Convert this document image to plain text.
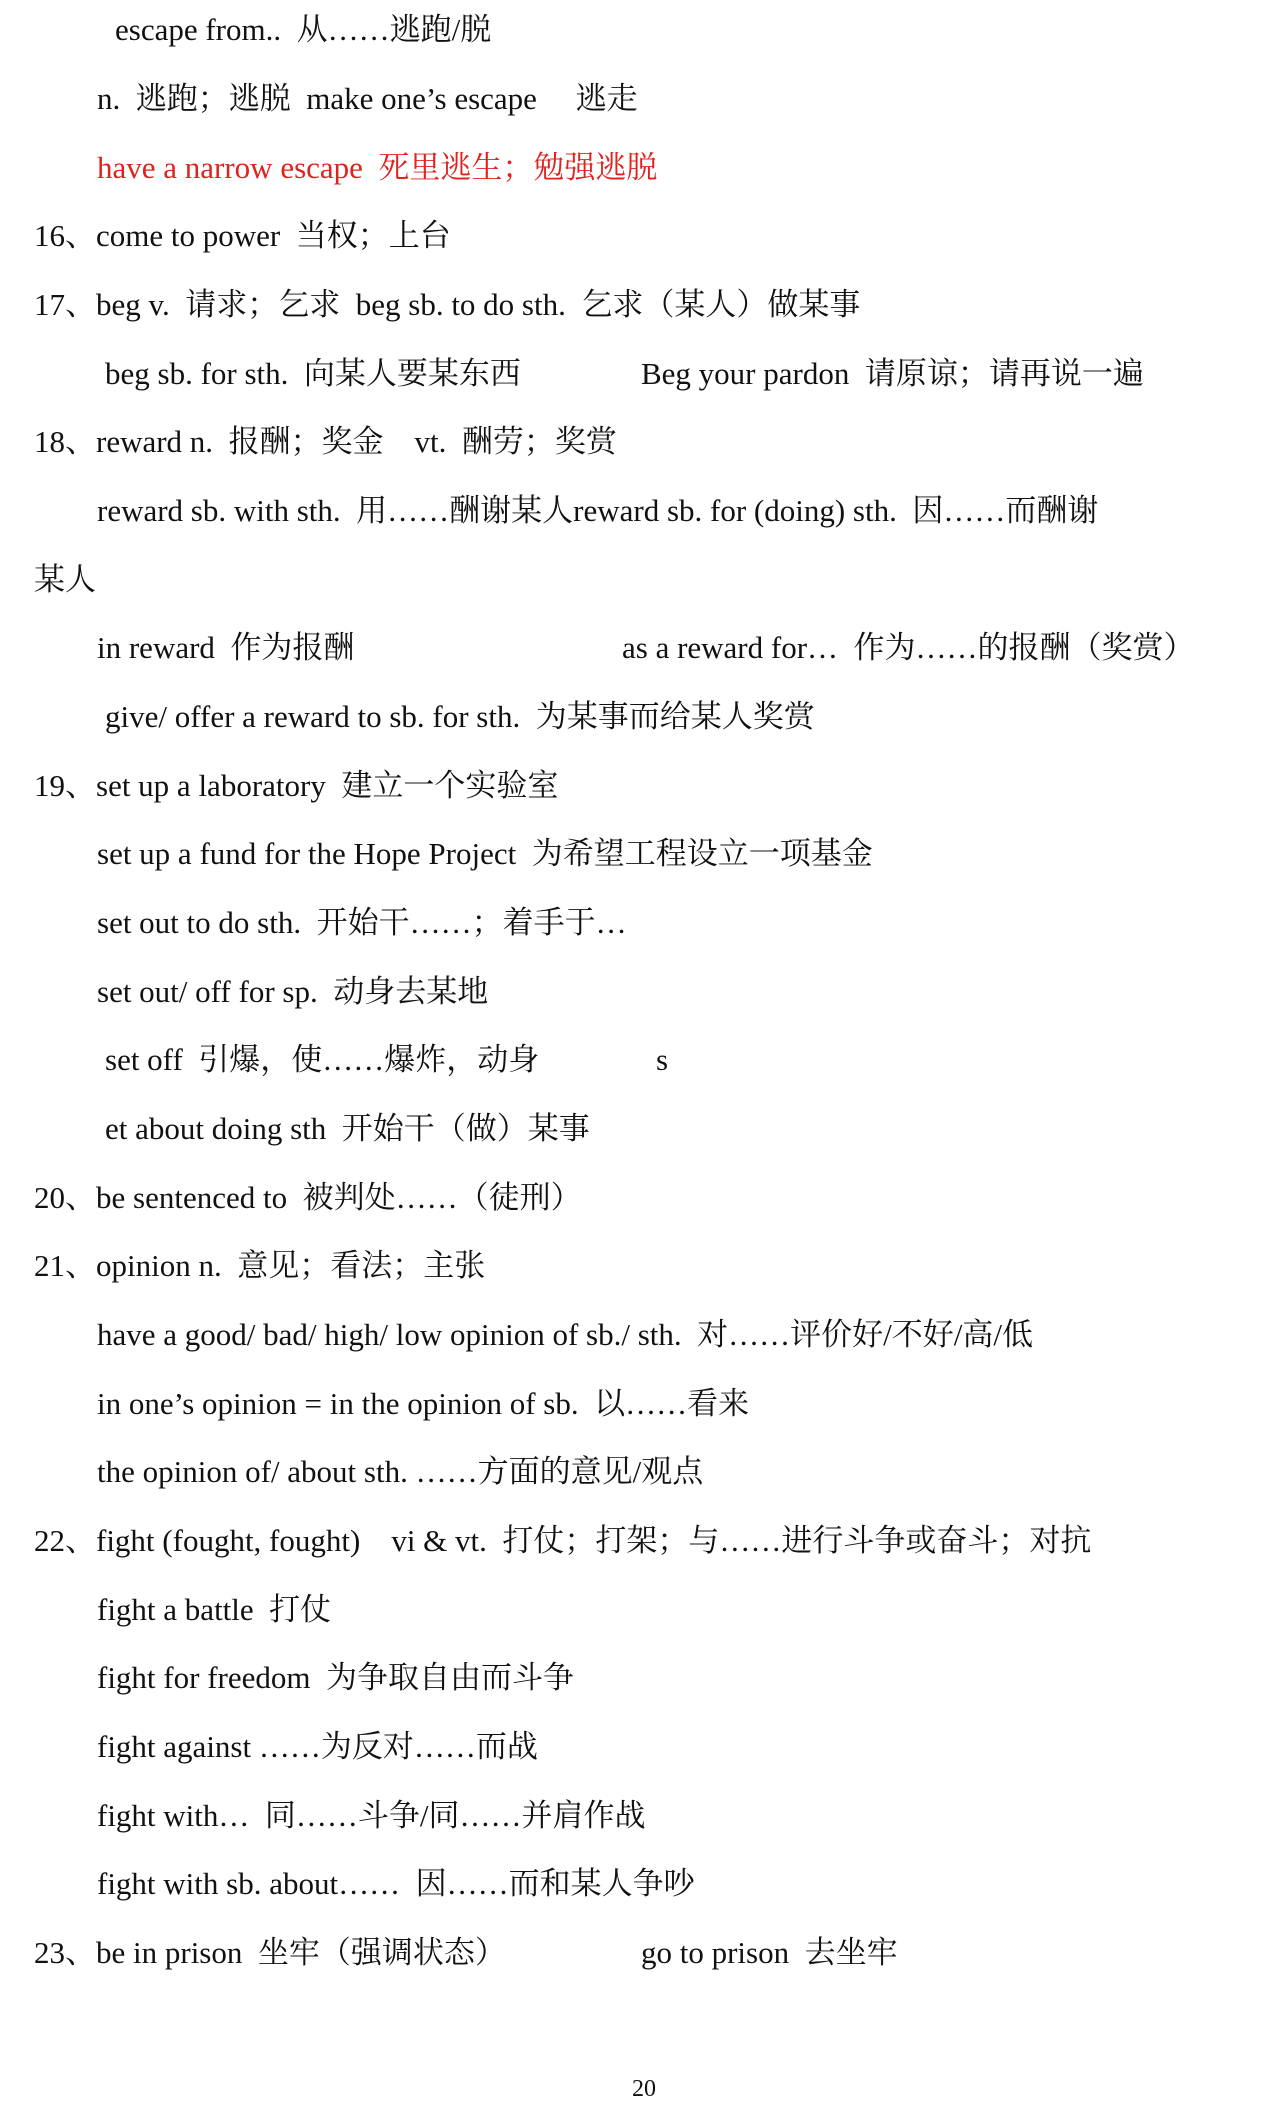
escape from..  从……逃跑/脱
n.  逃跑；逃脱  make one’s escape     逃走
have a narrow escape  死里逃生；勉强逃脱
16、come to power  当权；上台
17、beg v.  请求；乞求  beg sb. to do sth.  乞求（某人）做某事
beg sb. for sth.  向某人要某东西	Beg your pardon  请原谅；请再说一遍
18、reward n.  报酬；奖金    vt.  酬劳；奖赏
reward sb. with sth.  用……酬谢某人reward sb. for (doing) sth.  因……而酬谢
某人
in reward  作为报酬	as a reward for…  作为……的报酬（奖赏）
give/ offer a reward to sb. for sth.  为某事而给某人奖赏
19、set up a laboratory  建立一个实验室
set up a fund for the Hope Project  为希望工程设立一项基金
set out to do sth.  开始干……；着手于…
set out/ off for sp.  动身去某地
set off  引爆，使……爆炸，动身	s
et about doing sth  开始干（做）某事
20、be sentenced to  被判处……（徒刑）
21、opinion n.  意见；看法；主张
have a good/ bad/ high/ low opinion of sb./ sth.  对……评价好/不好/高/低
in one’s opinion = in the opinion of sb.  以……看来
the opinion of/ about sth. ……方面的意见/观点
22、fight (fought, fought)    vi & vt.  打仗；打架；与……进行斗争或奋斗；对抗
fight a battle  打仗
fight for freedom  为争取自由而斗争
fight against ……为反对……而战
fight with…  同……斗争/同……并肩作战
fight with sb. about……  因……而和某人争吵
23、be in prison  坐牢（强调状态）	go to prison  去坐牢
20
